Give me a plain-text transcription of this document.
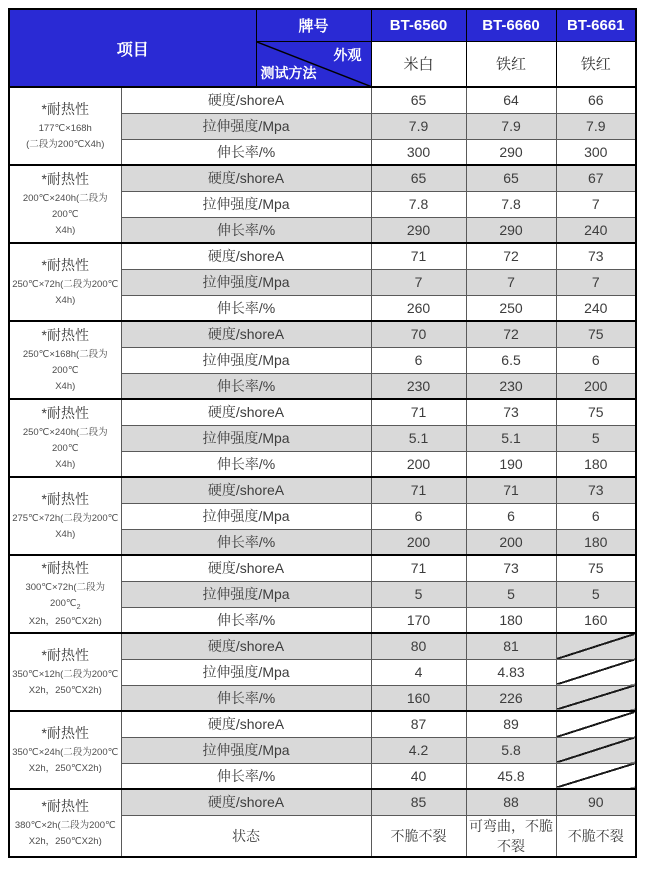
项目		牌号	BT-6560	BT-6660	BT-6661

		外观
测试方法	米白	铁红	铁红

*耐热性
177℃×168h
(二段为200℃X4h)	硬度/shoreA		65	64	66
	拉伸强度/Mpa		7.9	7.9	7.9
	伸长率/%		300	290	300

*耐热性
200℃×240h(二段为200℃
X4h)	硬度/shoreA		65	65	67
	拉伸强度/Mpa		7.8	7.8	7
	伸长率/%		290	290	240

*耐热性
250℃×72h(二段为200℃
X4h)	硬度/shoreA		71	72	73
	拉伸强度/Mpa		7	7	7
	伸长率/%		260	250	240

*耐热性
250℃×168h(二段为200℃
X4h)	硬度/shoreA		70	72	75
	拉伸强度/Mpa		6	6.5	6
	伸长率/%		230	230	200

*耐热性
250℃×240h(二段为200℃
X4h)	硬度/shoreA		71	73	75
	拉伸强度/Mpa		5.1	5.1	5
	伸长率/%		200	190	180

*耐热性
275℃×72h(二段为200℃
X4h)	硬度/shoreA		71	71	73
	拉伸强度/Mpa		6	6	6
	伸长率/%		200	200	180

*耐热性
300℃×72h(二段为$200℃_2$
X2h，250℃X2h)	硬度/shoreA		71	73	75
	拉伸强度/Mpa		5	5	5
	伸长率/%		170	180	160

*耐热性
350℃×12h(二段为200℃
X2h，250℃X2h)	硬度/shoreA		80	81	
	拉伸强度/Mpa		4	4.83	
	伸长率/%		160	226	

*耐热性
350℃×24h(二段为200℃
X2h，250℃X2h)	硬度/shoreA		87	89	
	拉伸强度/Mpa		4.2	5.8	
	伸长率/%		40	45.8	

*耐热性
380℃×2h(二段为200℃
X2h，250℃X2h)	硬度/shoreA		85	88	90
	状态		不脆不裂	可弯曲，不脆不裂	不脆不裂
